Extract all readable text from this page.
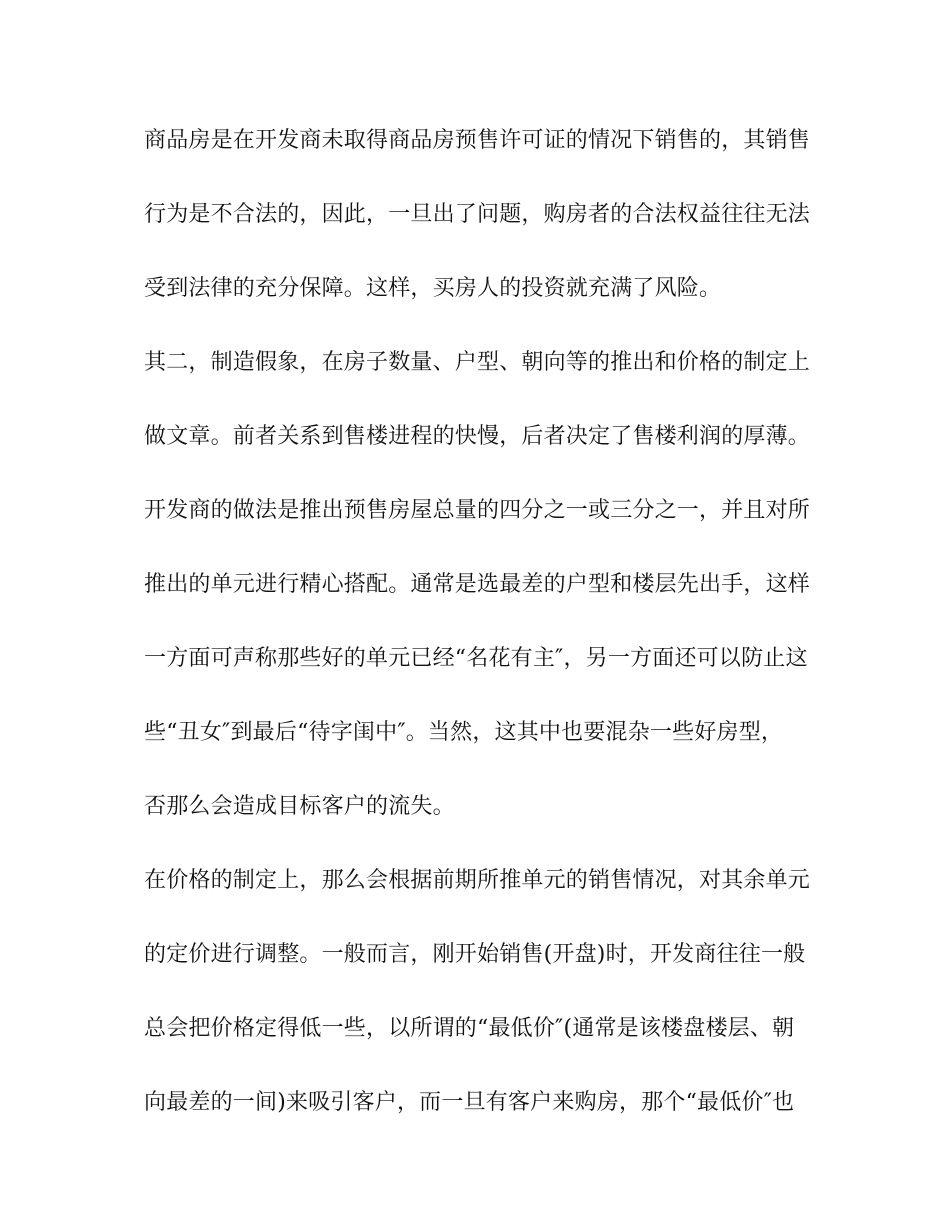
商品房是在开发商未取得商品房预售许可证的情况下销售的，其销售
行为是不合法的，因此，一旦出了问题，购房者的合法权益往往无法
受到法律的充分保障。这样，买房人的投资就充满了风险。
其二，制造假象，在房子数量、户型、朝向等的推出和价格的制定上
做文章。前者关系到售楼进程的快慢，后者决定了售楼利润的厚薄。
开发商的做法是推出预售房屋总量的四分之一或三分之一，并且对所
推出的单元进行精心搭配。通常是选最差的户型和楼层先出手，这样
一方面可声称那些好的单元已经“名花有主″，另一方面还可以防止这
些“丑女″到最后“待字闺中″。当然，这其中也要混杂一些好房型，
否那么会造成目标客户的流失。
在价格的制定上，那么会根据前期所推单元的销售情况，对其余单元
的定价进行调整。一般而言，刚开始销售(开盘)时，开发商往往一般
总会把价格定得低一些，以所谓的“最低价″(通常是该楼盘楼层、朝
向最差的一间)来吸引客户，而一旦有客户来购房，那个“最低价″也
